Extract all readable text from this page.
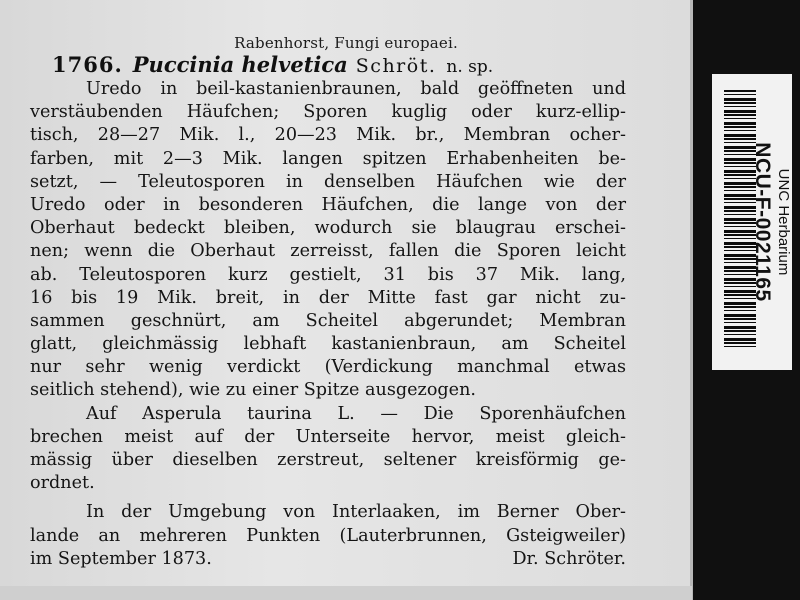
Rabenhorst, Fungi europaei.
1766. Puccinia helvetica Schröt. n. sp.
Uredo in beil-kastanienbraunen, bald geöffneten und
verstäubenden Häufchen; Sporen kuglig oder kurz-ellip-
tisch, 28—27 Mik. l., 20—23 Mik. br., Membran ocher-
farben, mit 2—3 Mik. langen spitzen Erhabenheiten be-
setzt, — Teleutosporen in denselben Häufchen wie der
Uredo oder in besonderen Häufchen, die lange von der
Oberhaut bedeckt bleiben, wodurch sie blaugrau erschei-
nen; wenn die Oberhaut zerreisst, fallen die Sporen leicht
ab. Teleutosporen kurz gestielt, 31 bis 37 Mik. lang,
16 bis 19 Mik. breit, in der Mitte fast gar nicht zu-
sammen geschnürt, am Scheitel abgerundet; Membran
glatt, gleichmässig lebhaft kastanienbraun, am Scheitel
nur sehr wenig verdickt (Verdickung manchmal etwas
seitlich stehend), wie zu einer Spitze ausgezogen.
Auf Asperula taurina L. — Die Sporenhäufchen
brechen meist auf der Unterseite hervor, meist gleich-
mässig über dieselben zerstreut, seltener kreisförmig ge-
ordnet.
In der Umgebung von Interlaaken, im Berner Ober-
lande an mehreren Punkten (Lauterbrunnen, Gsteigweiler)
im September 1873.	Dr. Schröter.
UNC Herbarium
NCU-F-0021165
